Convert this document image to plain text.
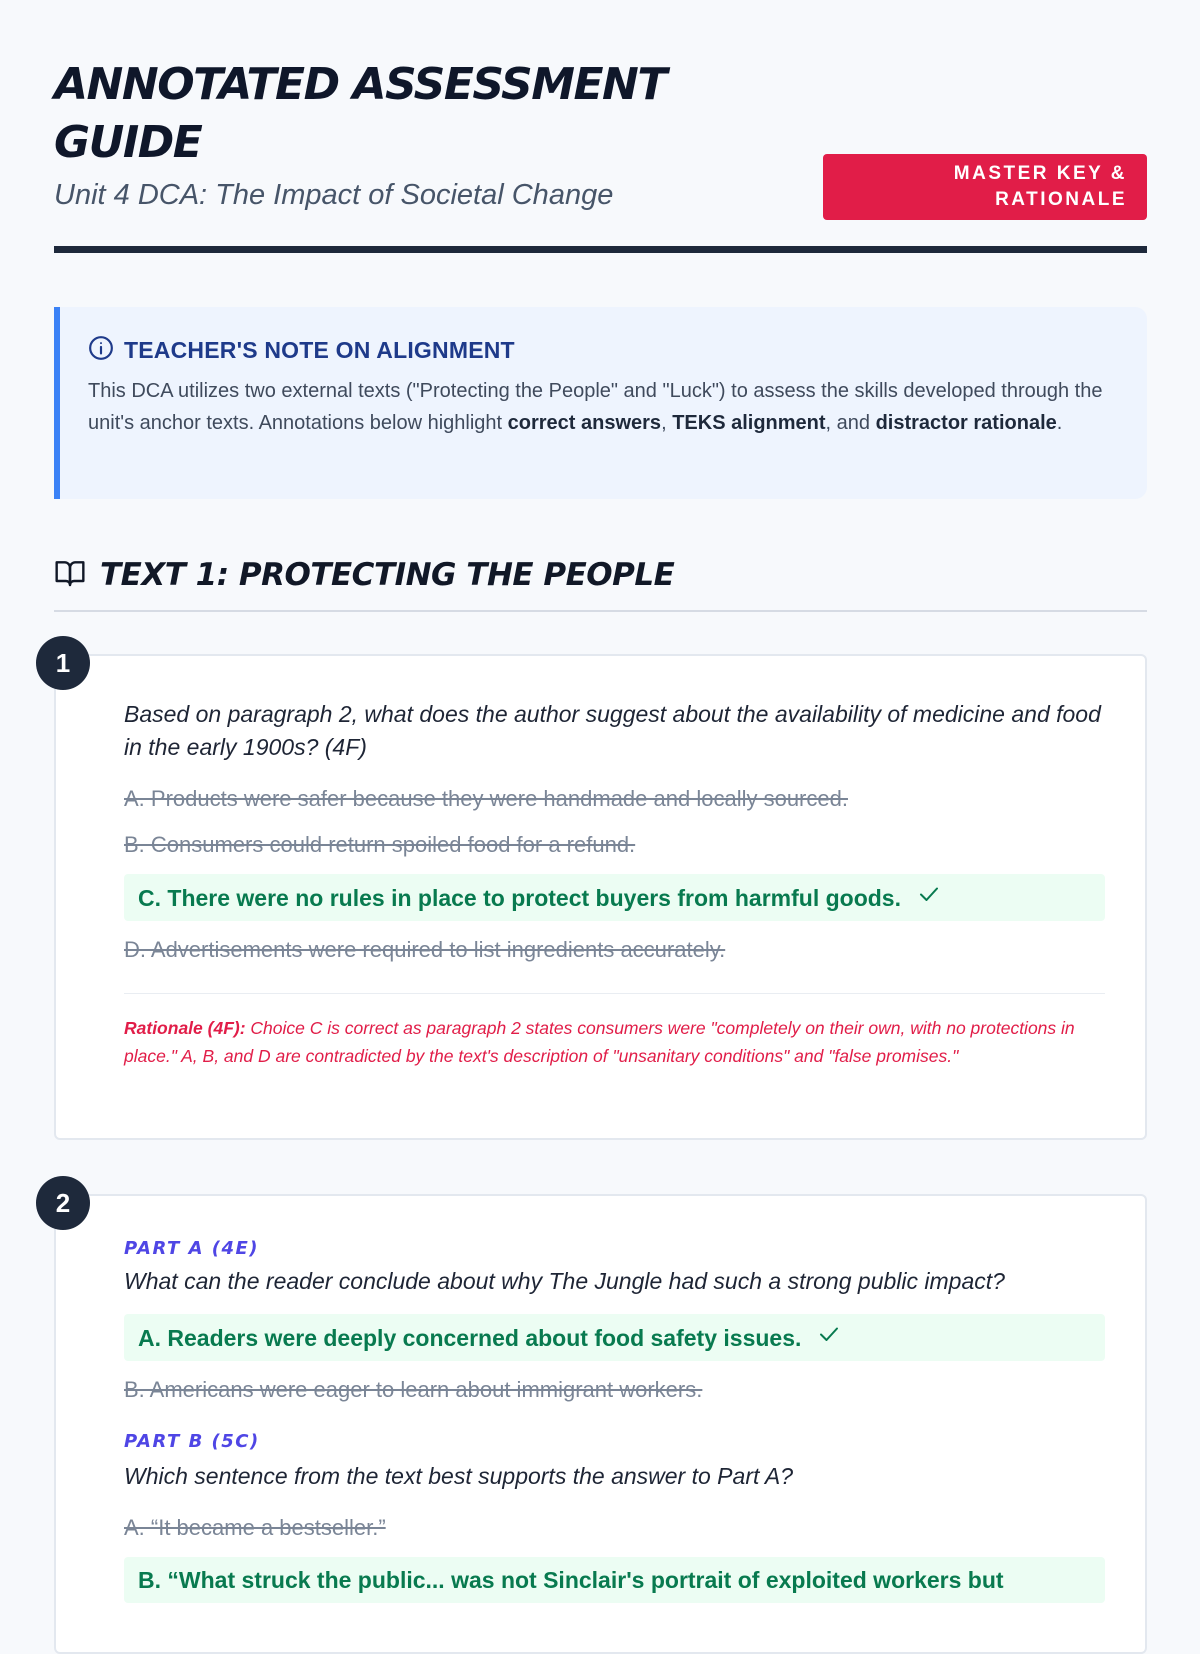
ANNOTATED ASSESSMENT GUIDE

Unit 4 DCA: The Impact of Societal Change

MASTER KEY & RATIONALE
TEACHER'S NOTE ON ALIGNMENT

This DCA utilizes two external texts ("Protecting the People" and "Luck") to assess the skills developed through the unit's anchor texts. Annotations below highlight correct answers, TEKS alignment, and distractor rationale.

TEXT 1: PROTECTING THE PEOPLE
1

Based on paragraph 2, what does the author suggest about the availability of medicine and food in the early 1900s? (4F)

A. Products were safer because they were handmade and locally sourced.

B. Consumers could return spoiled food for a refund.

C. There were no rules in place to protect buyers from harmful goods.

D. Advertisements were required to list ingredients accurately.

Rationale (4F): Choice C is correct as paragraph 2 states consumers were "completely on their own, with no protections in place." A, B, and D are contradicted by the text's description of "unsanitary conditions" and "false promises."

2

PART A (4E)

What can the reader conclude about why The Jungle had such a strong public impact?

A. Readers were deeply concerned about food safety issues.

B. Americans were eager to learn about immigrant workers.

PART B (5C)

Which sentence from the text best supports the answer to Part A?

A. “It became a bestseller.”

B. “What struck the public... was not Sinclair's portrait of exploited workers but
